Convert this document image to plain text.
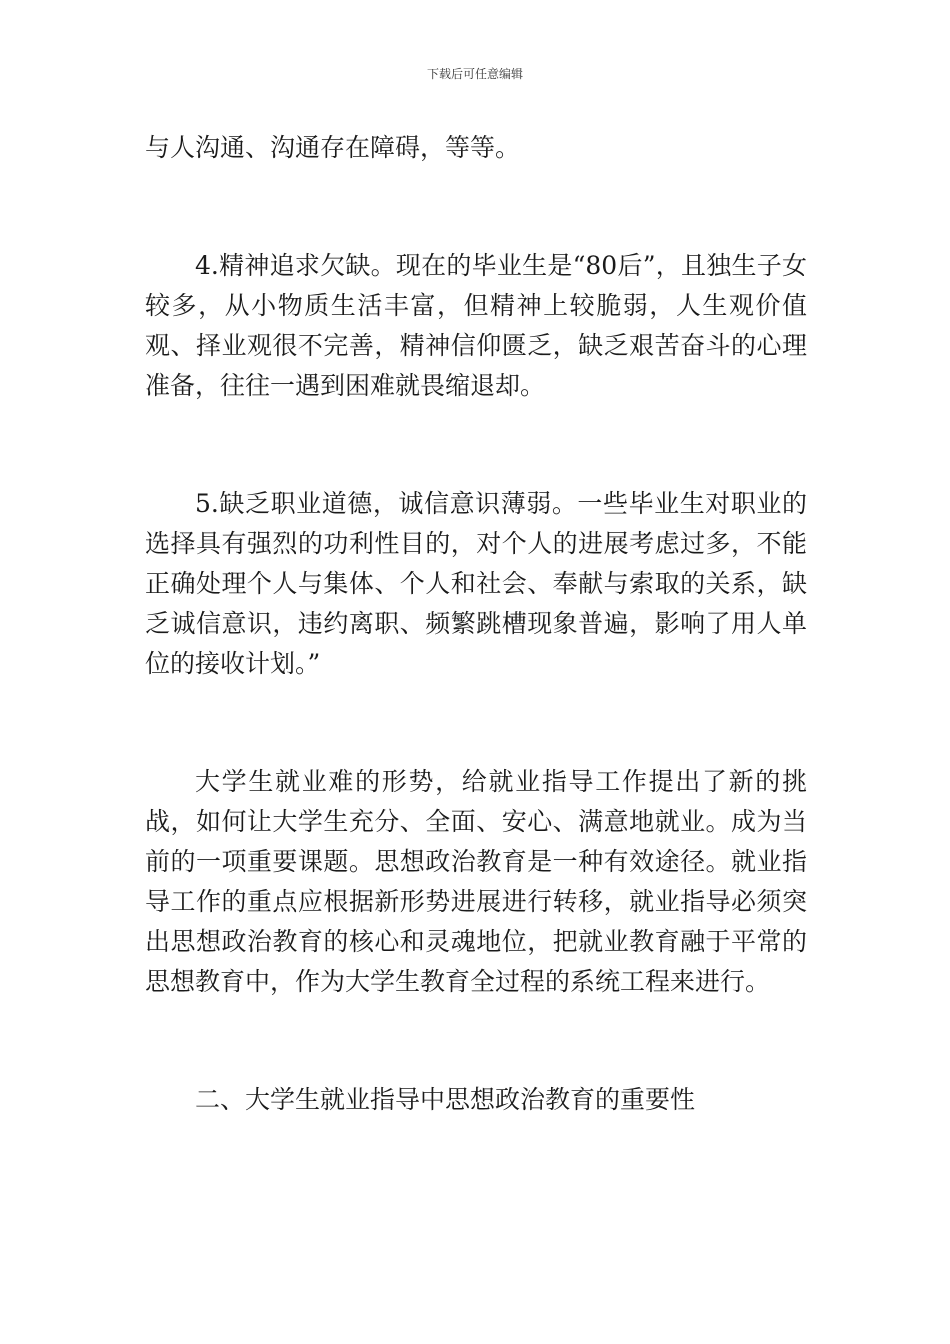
下载后可任意编辑

与人沟通、沟通存在障碍，等等。

4.精神追求欠缺。现在的毕业生是“80后”，且独生子女较多，从小物质生活丰富，但精神上较脆弱，人生观价值观、择业观很不完善，精神信仰匮乏，缺乏艰苦奋斗的心理准备，往往一遇到困难就畏缩退却。

5.缺乏职业道德，诚信意识薄弱。一些毕业生对职业的选择具有强烈的功利性目的，对个人的进展考虑过多，不能正确处理个人与集体、个人和社会、奉献与索取的关系，缺乏诚信意识，违约离职、频繁跳槽现象普遍，影响了用人单位的接收计划。”

大学生就业难的形势，给就业指导工作提出了新的挑战，如何让大学生充分、全面、安心、满意地就业。成为当前的一项重要课题。思想政治教育是一种有效途径。就业指导工作的重点应根据新形势进展进行转移，就业指导必须突出思想政治教育的核心和灵魂地位，把就业教育融于平常的思想教育中，作为大学生教育全过程的系统工程来进行。

二、大学生就业指导中思想政治教育的重要性
